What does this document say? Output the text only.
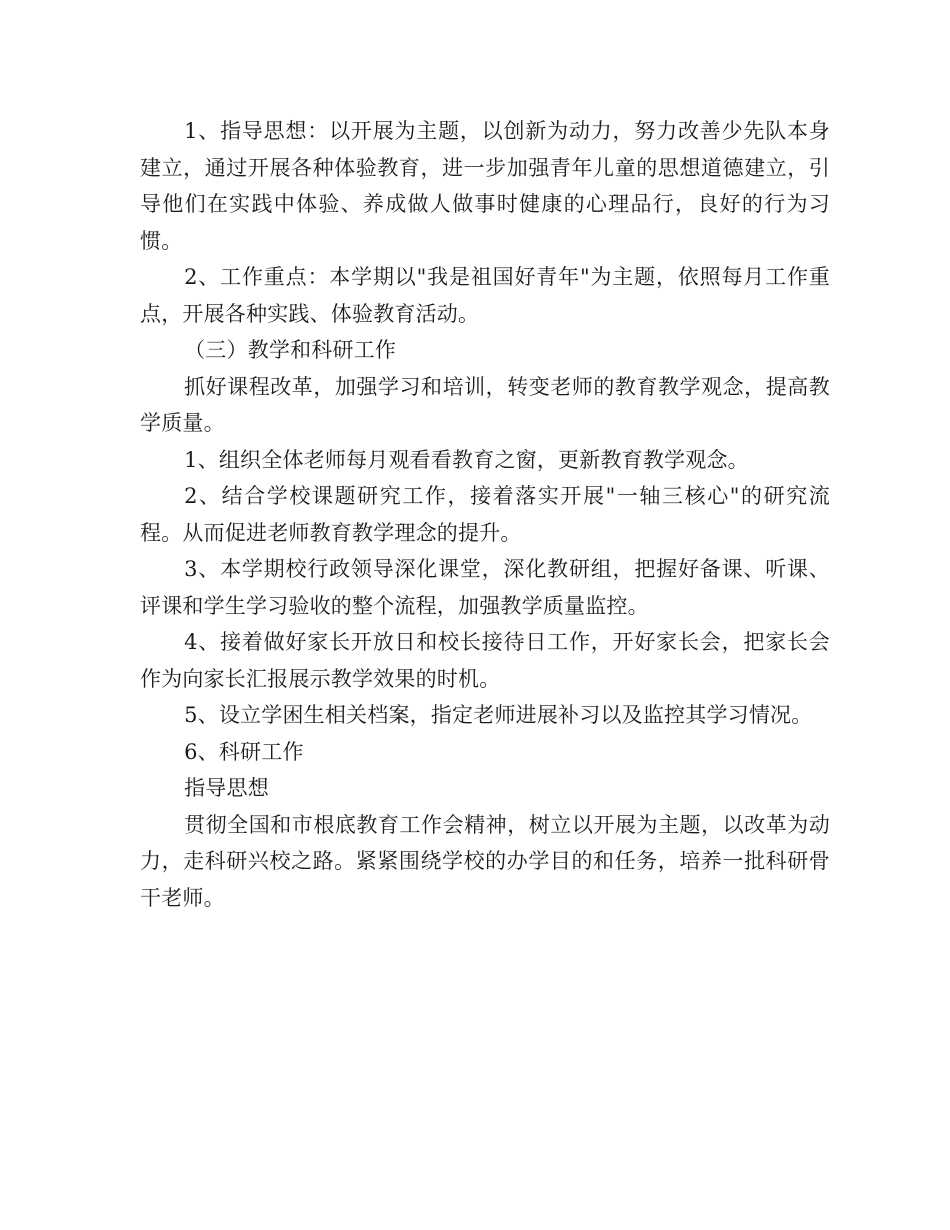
1、指导思想：以开展为主题，以创新为动力，努力改善少先队本身建立，通过开展各种体验教育，进一步加强青年儿童的思想道德建立，引导他们在实践中体验、养成做人做事时健康的心理品行，良好的行为习惯。

2、工作重点：本学期以"我是祖国好青年"为主题，依照每月工作重点，开展各种实践、体验教育活动。

（三）教学和科研工作

抓好课程改革，加强学习和培训，转变老师的教育教学观念，提高教学质量。

1、组织全体老师每月观看看教育之窗，更新教育教学观念。

2、结合学校课题研究工作，接着落实开展"一轴三核心"的研究流程。从而促进老师教育教学理念的提升。

3、本学期校行政领导深化课堂，深化教研组，把握好备课、听课、评课和学生学习验收的整个流程，加强教学质量监控。

4、接着做好家长开放日和校长接待日工作，开好家长会，把家长会作为向家长汇报展示教学效果的时机。

5、设立学困生相关档案，指定老师进展补习以及监控其学习情况。

6、科研工作

指导思想

贯彻全国和市根底教育工作会精神，树立以开展为主题，以改革为动力，走科研兴校之路。紧紧围绕学校的办学目的和任务，培养一批科研骨干老师。
